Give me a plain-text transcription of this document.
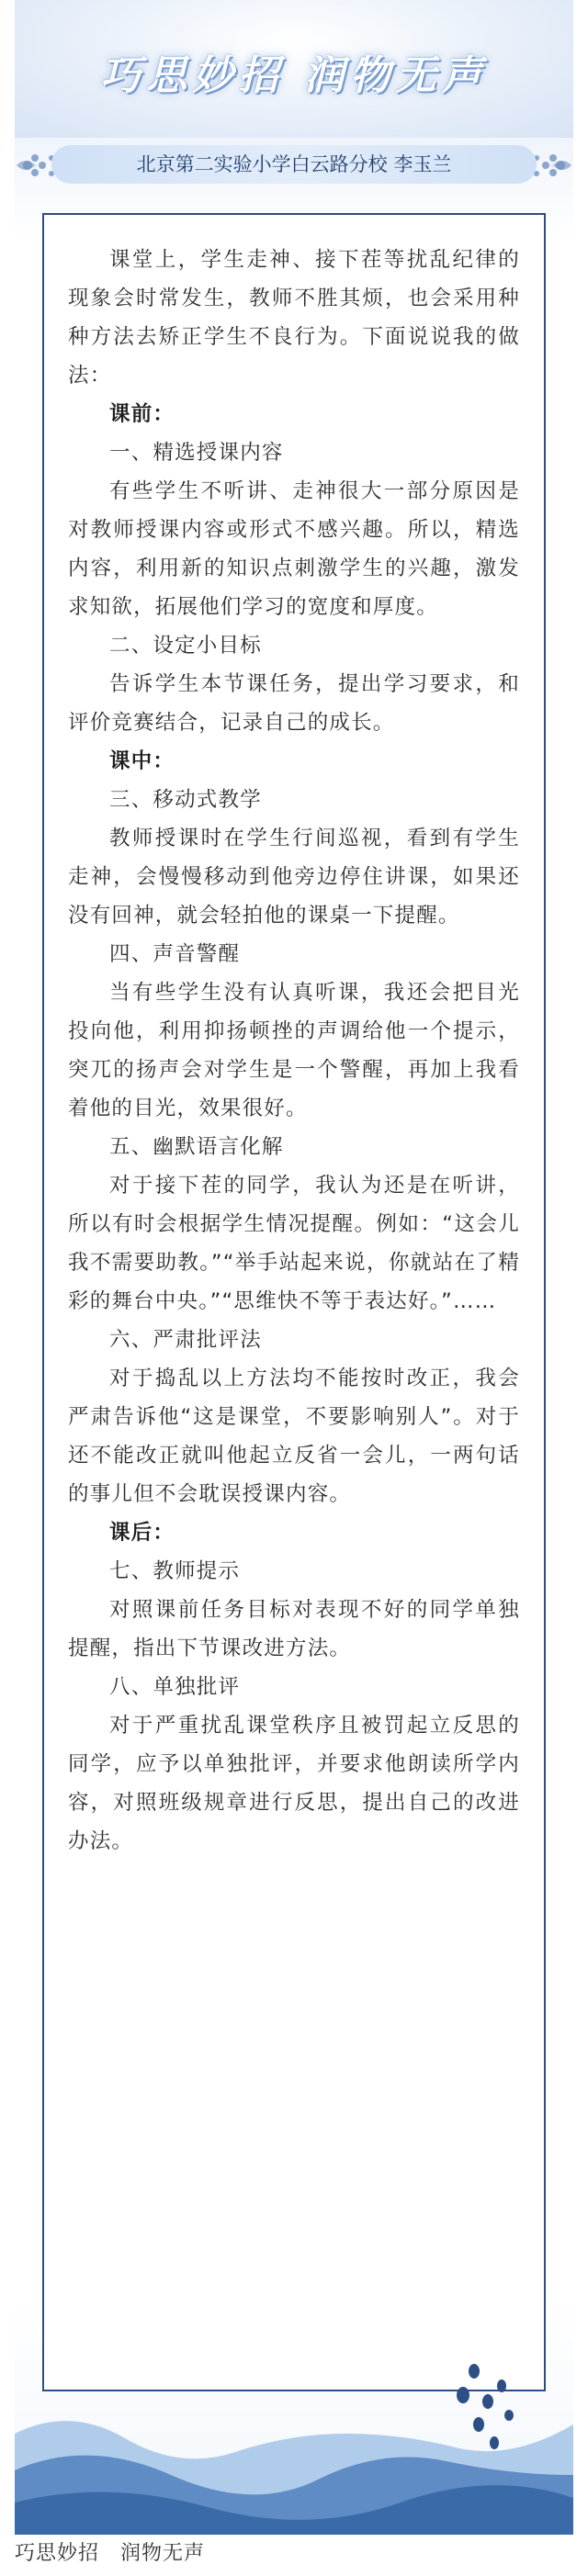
巧思妙招 润物无声
北京第二实验小学白云路分校 李玉兰

课堂上，学生走神、接下茬等扰乱纪律的现象会时常发生，教师不胜其烦，也会采用种种方法去矫正学生不良行为。下面说说我的做法：

课前：

一、精选授课内容

有些学生不听讲、走神很大一部分原因是对教师授课内容或形式不感兴趣。所以，精选内容，利用新的知识点刺激学生的兴趣，激发求知欲，拓展他们学习的宽度和厚度。

二、设定小目标

告诉学生本节课任务，提出学习要求，和评价竞赛结合，记录自己的成长。

课中：

三、移动式教学

教师授课时在学生行间巡视，看到有学生走神，会慢慢移动到他旁边停住讲课，如果还没有回神，就会轻拍他的课桌一下提醒。

四、声音警醒

当有些学生没有认真听课，我还会把目光投向他，利用抑扬顿挫的声调给他一个提示，突兀的扬声会对学生是一个警醒，再加上我看着他的目光，效果很好。

五、幽默语言化解

对于接下茬的同学，我认为还是在听讲，所以有时会根据学生情况提醒。例如：“这会儿我不需要助教。”“举手站起来说，你就站在了精彩的舞台中央。”“思维快不等于表达好。”……

六、严肃批评法

对于捣乱以上方法均不能按时改正，我会严肃告诉他“这是课堂，不要影响别人”。对于还不能改正就叫他起立反省一会儿，一两句话的事儿但不会耽误授课内容。

课后：

七、教师提示

对照课前任务目标对表现不好的同学单独提醒，指出下节课改进方法。

八、单独批评

对于严重扰乱课堂秩序且被罚起立反思的同学，应予以单独批评，并要求他朗读所学内容，对照班级规章进行反思，提出自己的改进办法。

巧思妙招　润物无声
